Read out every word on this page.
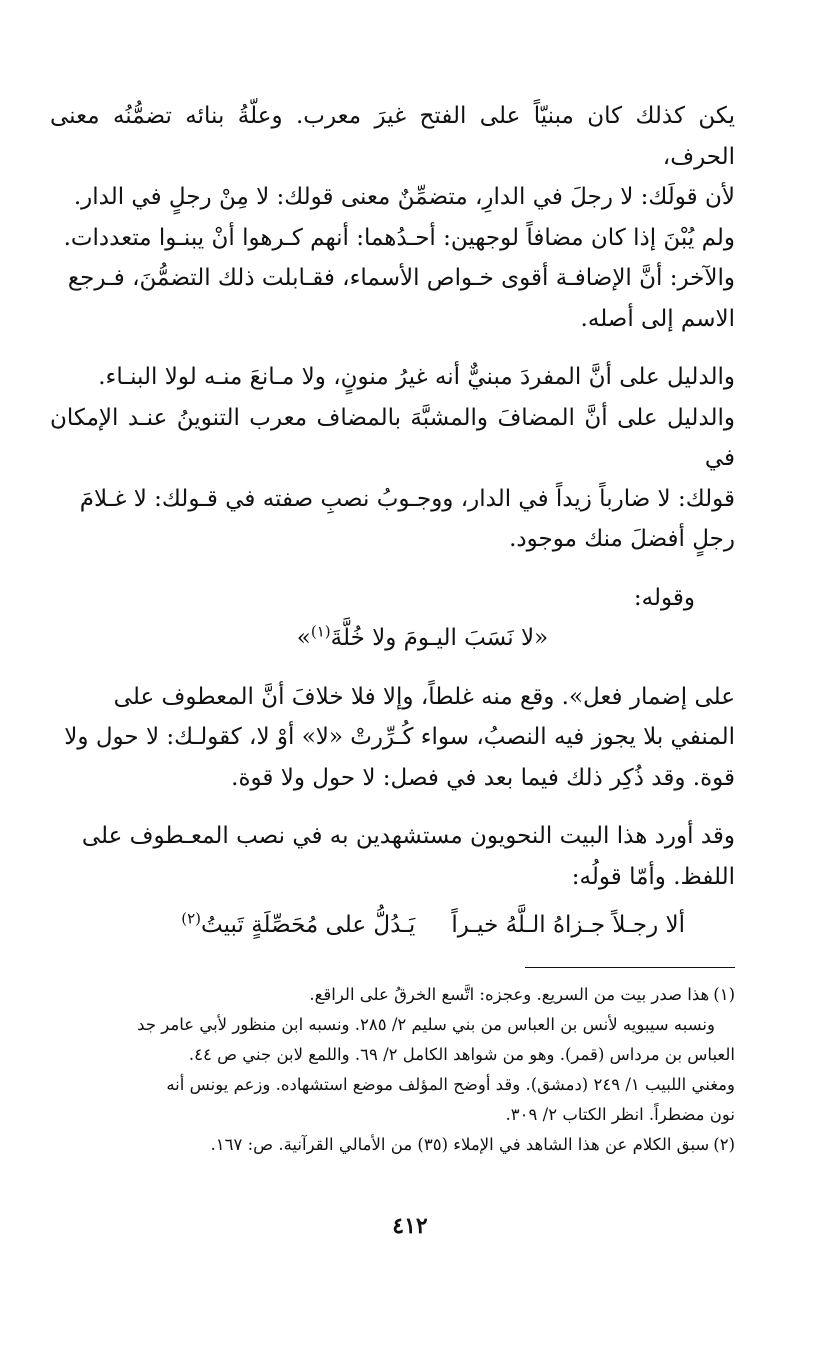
يكن كذلك كان مبنيّاً على الفتح غيرَ معرب. وعلّةُ بنائه تضمُّنُه معنى الحرف،
لأن قولَك: لا رجلَ في الدارِ، متضمِّنٌ معنى قولك: لا مِنْ رجلٍ في الدار.
ولم يُبْنَ إذا كان مضافاً لوجهين: أحـدُهما: أنهم كـرهوا أنْ يبنـوا متعددات.
والآخر: أنَّ الإضافـة أقوى خـواص الأسماء، فقـابلت ذلك التضمُّنَ، فـرجع
الاسم إلى أصله.
والدليل على أنَّ المفردَ مبنيٌّ أنه غيرُ منونٍ، ولا مـانعَ منـه لولا البنـاء.
والدليل على أنَّ المضافَ والمشبَّهَ بالمضاف معرب التنوينُ عنـد الإمكان في
قولك: لا ضارباً زيداً في الدار، ووجـوبُ نصبِ صفته في قـولك: لا غـلامَ
رجلٍ أفضلَ منك موجود.
وقوله:
«لا نَسَبَ اليـومَ ولا خُلَّةَ$^{(١)}$»
على إضمار فعل». وقع منه غلطاً، وإلا فلا خلافَ أنَّ المعطوف على
المنفي بلا يجوز فيه النصبُ، سواء كُـرِّرتْ «لا» أوْ لا، كقولـك: لا حول ولا
قوة. وقد ذُكِر ذلك فيما بعد في فصل: لا حول ولا قوة.
وقد أورد هذا البيت النحويون مستشهدين به في نصب المعـطوف على
اللفظ. وأمّا قولُه:
ألا رجـلاً جـزاهُ الـلَّهُ خيـراًيَـدُلُّ على مُحَصِّلَةٍ تَبيتُ$^{(٢)}$
(١)هذا صدر بيت من السريع. وعجزه: اتَّسع الخرقُ على الراقع.
ونسبه سيبويه لأنس بن العباس من بني سليم ٢/ ٢٨٥. ونسبه ابن منظور لأبي عامر جد
العباس بن مرداس (قمر). وهو من شواهد الكامل ٢/ ٦٩. واللمع لابن جني ص ٤٤.
ومغني اللبيب ١/ ٢٤٩ (دمشق). وقد أوضح المؤلف موضع استشهاده. وزعم يونس أنه
نون مضطراً. انظر الكتاب ٢/ ٣٠٩.
(٢)سبق الكلام عن هذا الشاهد في الإملاء (٣٥) من الأمالي القرآنية. ص: ١٦٧.
٤١٢
